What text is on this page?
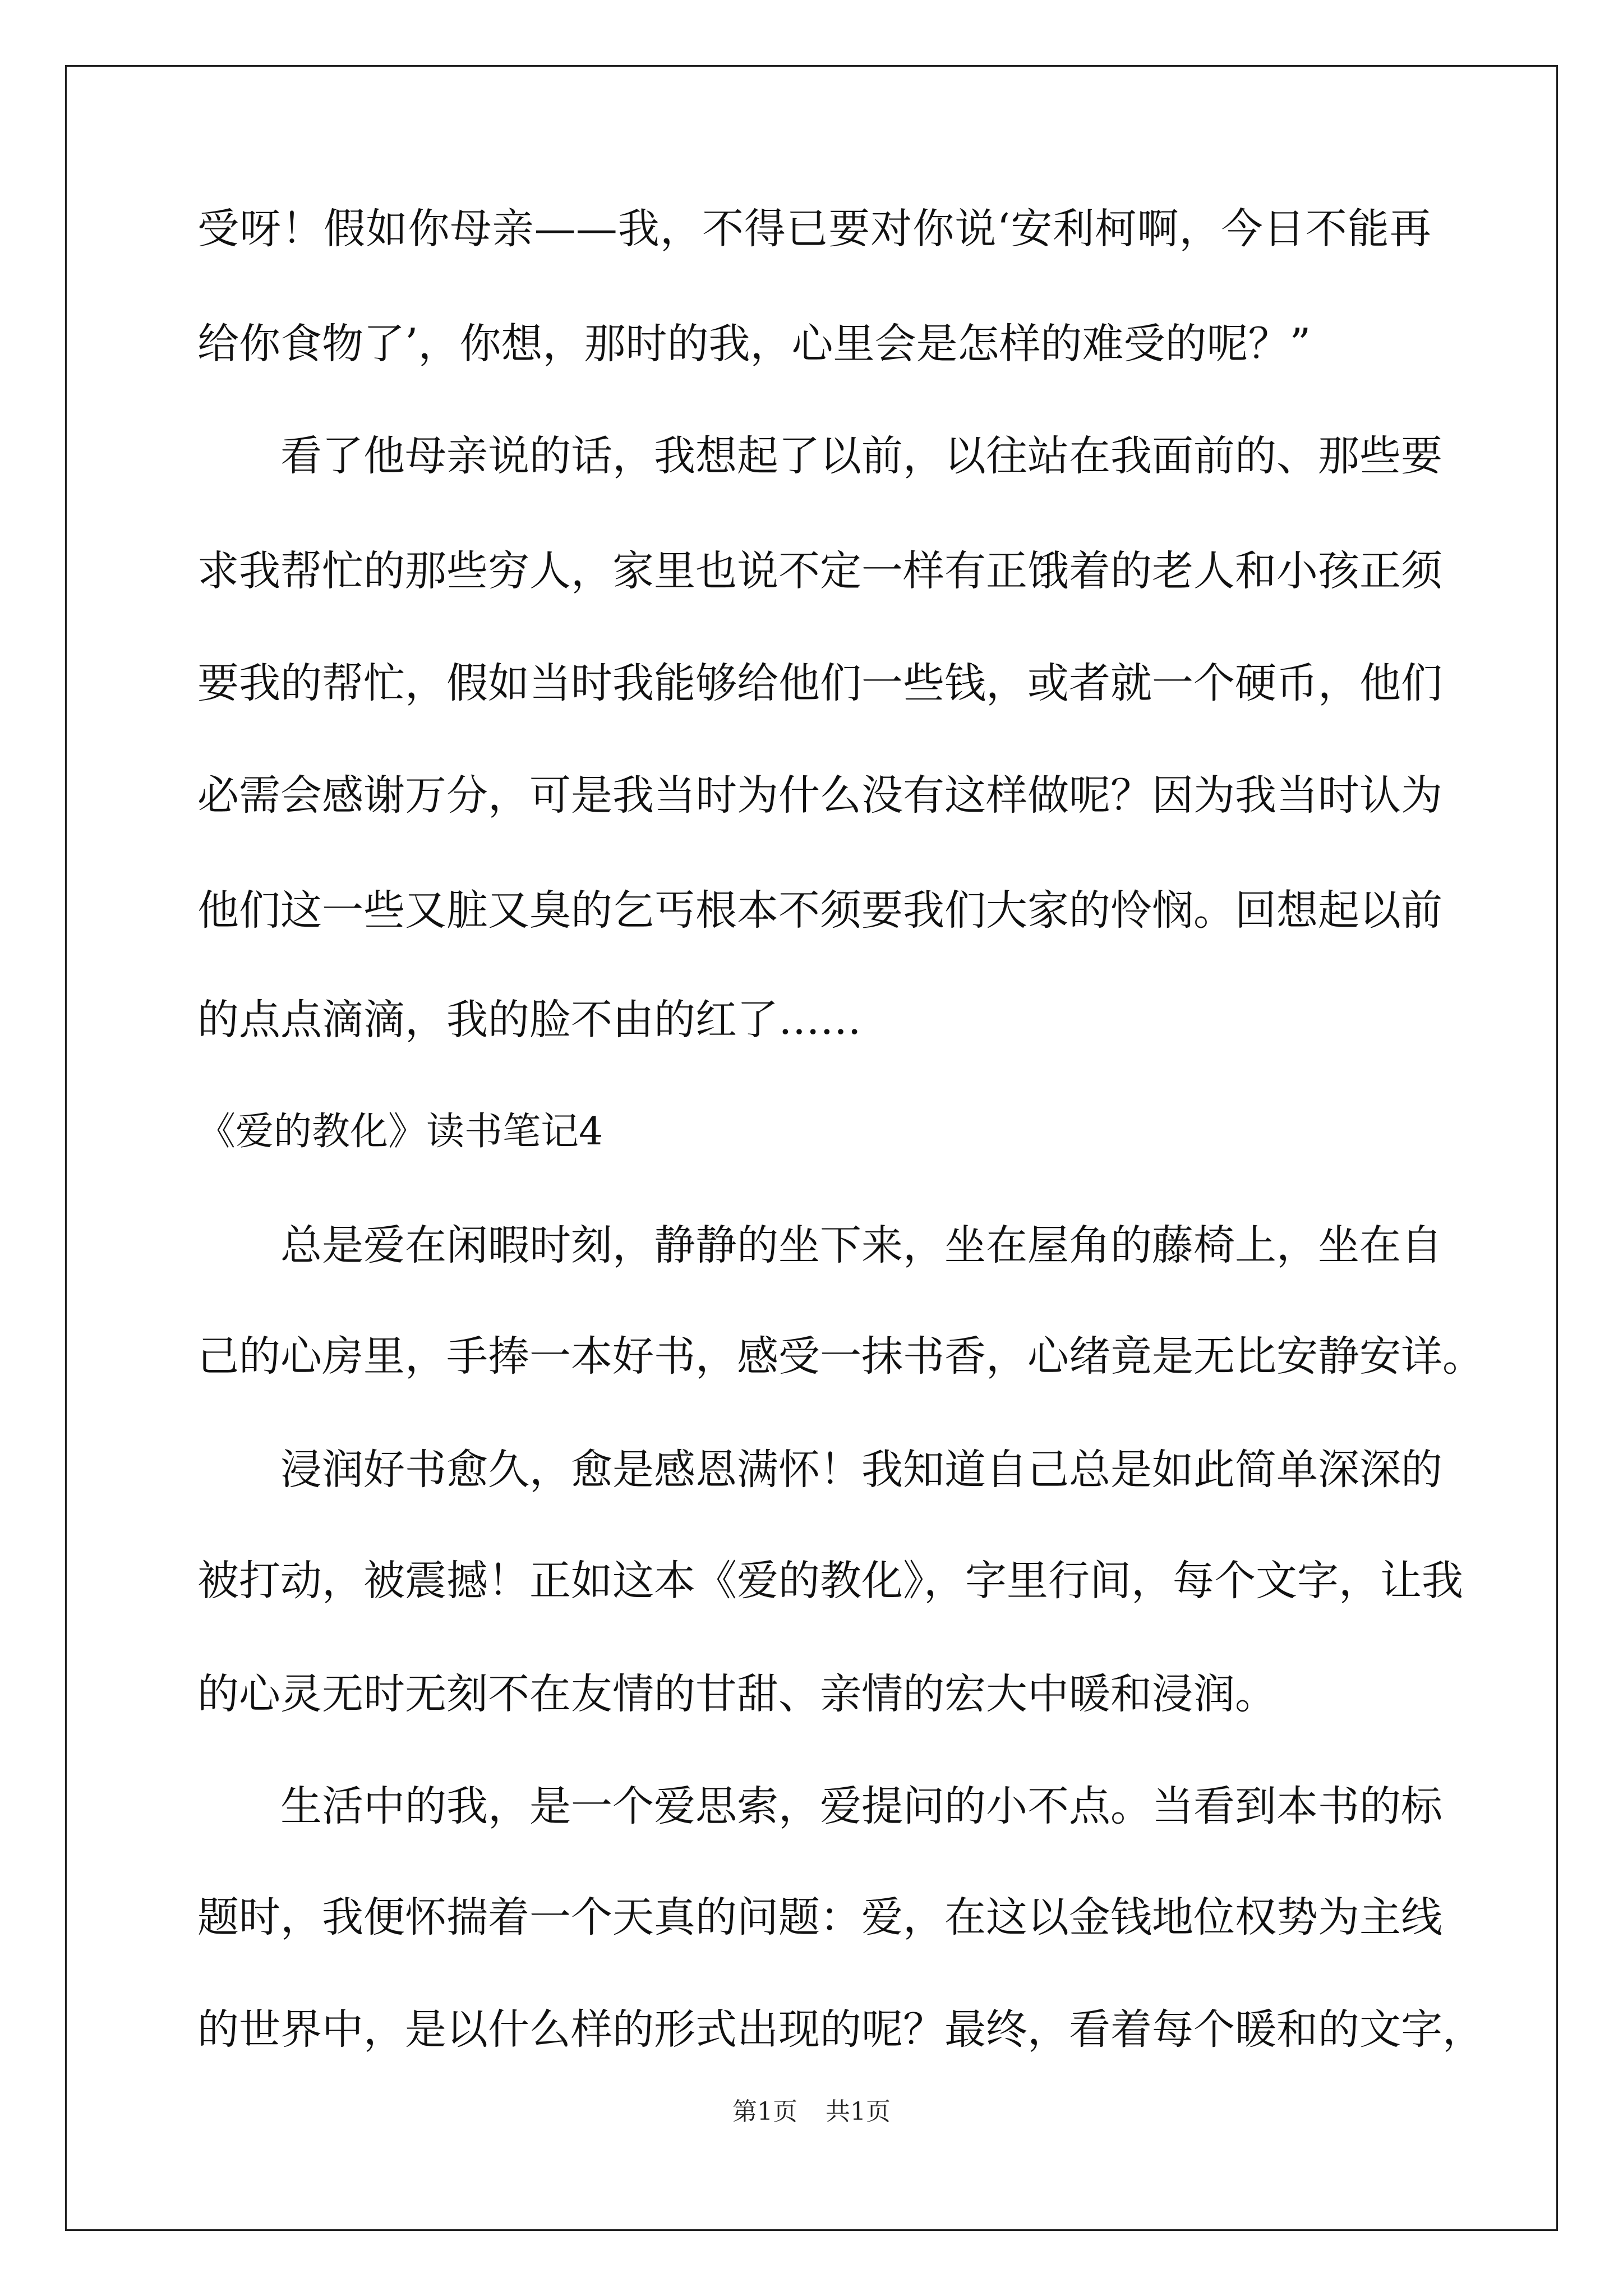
受呀！假如你母亲——我，不得已要对你说‘安利柯啊，今日不能再
给你食物了’，你想，那时的我，心里会是怎样的难受的呢？”
看了他母亲说的话，我想起了以前，以往站在我面前的、那些要
求我帮忙的那些穷人，家里也说不定一样有正饿着的老人和小孩正须
要我的帮忙，假如当时我能够给他们一些钱，或者就一个硬币，他们
必需会感谢万分，可是我当时为什么没有这样做呢？因为我当时认为
他们这一些又脏又臭的乞丐根本不须要我们大家的怜悯。回想起以前
的点点滴滴，我的脸不由的红了……
《爱的教化》读书笔记4
总是爱在闲暇时刻，静静的坐下来，坐在屋角的藤椅上，坐在自
己的心房里，手捧一本好书，感受一抹书香，心绪竟是无比安静安详。
浸润好书愈久，愈是感恩满怀！我知道自己总是如此简单深深的
被打动，被震撼！正如这本《爱的教化》，字里行间，每个文字，让我
的心灵无时无刻不在友情的甘甜、亲情的宏大中暖和浸润。
生活中的我，是一个爱思索，爱提问的小不点。当看到本书的标
题时，我便怀揣着一个天真的问题：爱，在这以金钱地位权势为主线
的世界中，是以什么样的形式出现的呢？最终，看着每个暖和的文字，
第1页 共1页
